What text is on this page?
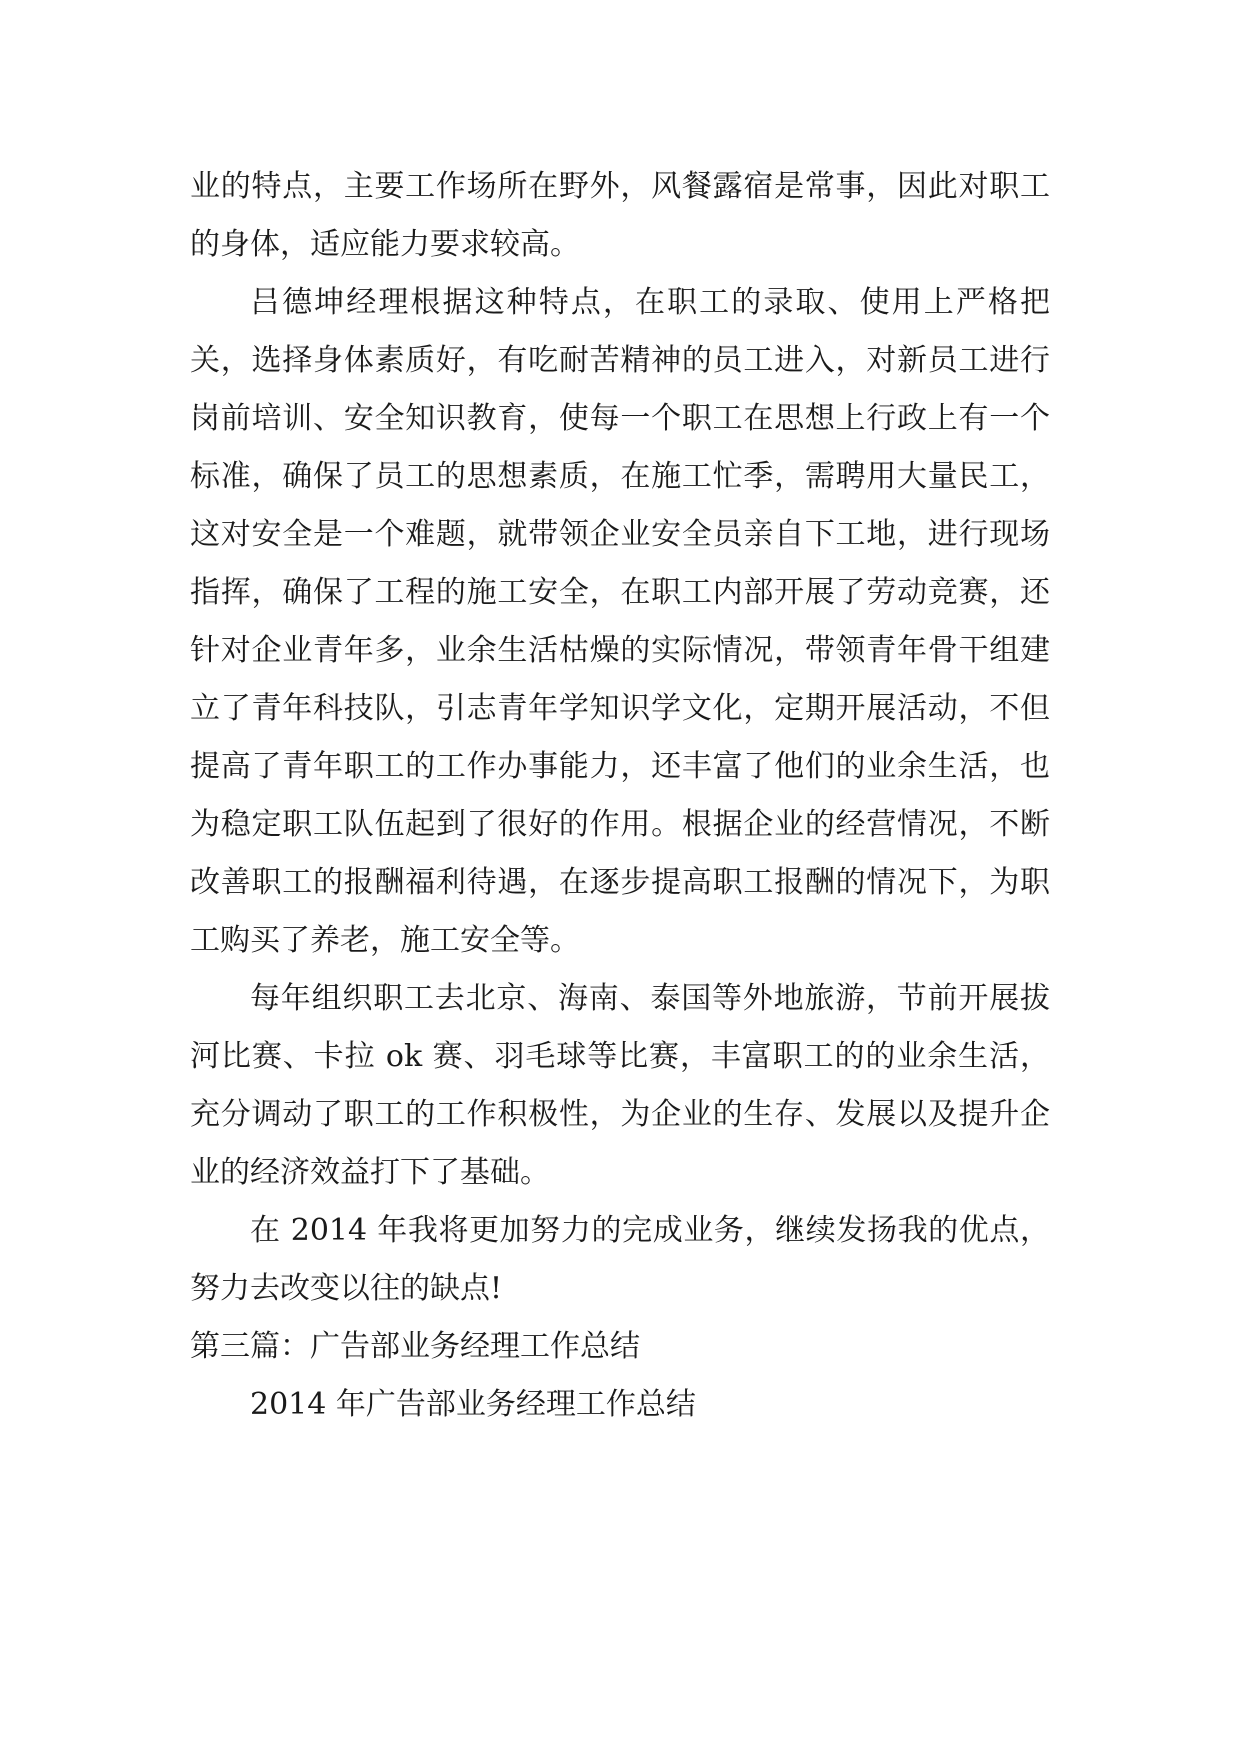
业的特点，主要工作场所在野外，风餐露宿是常事，因此对职工的身体，适应能力要求较高。

吕德坤经理根据这种特点，在职工的录取、使用上严格把关，选择身体素质好，有吃耐苦精神的员工进入，对新员工进行岗前培训、安全知识教育，使每一个职工在思想上行政上有一个标准，确保了员工的思想素质，在施工忙季，需聘用大量民工，这对安全是一个难题，就带领企业安全员亲自下工地，进行现场指挥，确保了工程的施工安全，在职工内部开展了劳动竞赛，还针对企业青年多，业余生活枯燥的实际情况，带领青年骨干组建立了青年科技队，引志青年学知识学文化，定期开展活动，不但提高了青年职工的工作办事能力，还丰富了他们的业余生活，也为稳定职工队伍起到了很好的作用。根据企业的经营情况，不断改善职工的报酬福利待遇，在逐步提高职工报酬的情况下，为职工购买了养老，施工安全等。

每年组织职工去北京、海南、泰国等外地旅游，节前开展拔河比赛、卡拉 ok 赛、羽毛球等比赛，丰富职工的的业余生活，充分调动了职工的工作积极性，为企业的生存、发展以及提升企业的经济效益打下了基础。

在 2014 年我将更加努力的完成业务，继续发扬我的优点，努力去改变以往的缺点!

第三篇：广告部业务经理工作总结

2014 年广告部业务经理工作总结
